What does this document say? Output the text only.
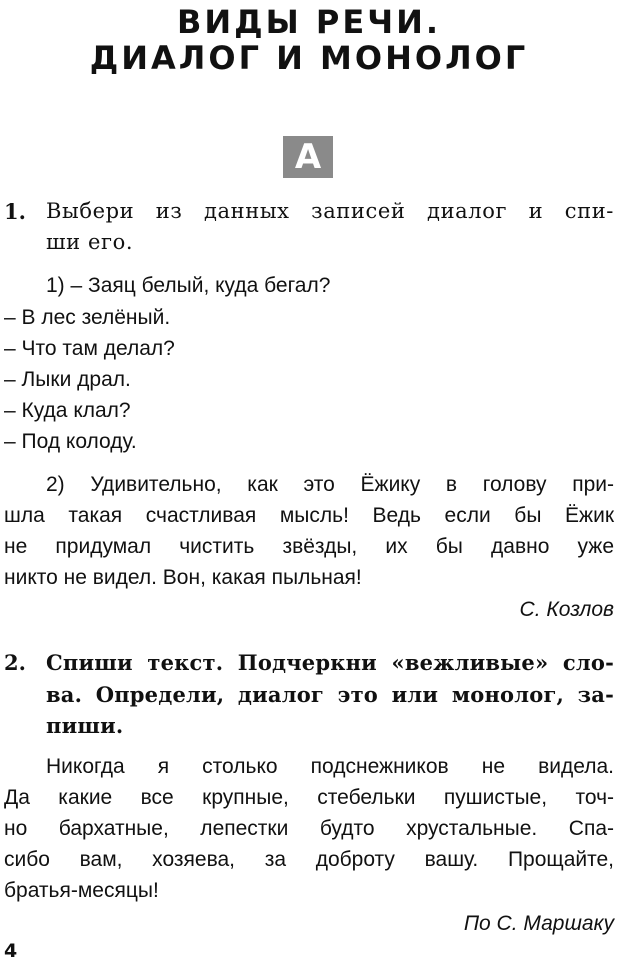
ВИДЫ РЕЧИ.
ДИАЛОГ И МОНОЛОГ
А
1. Выбери из данных записей диалог и спи-
ши его.
1) – Заяц белый, куда бегал?
– В лес зелёный.
– Что там делал?
– Лыки драл.
– Куда клал?
– Под колоду.
2) Удивительно, как это Ёжику в голову при-
шла такая счастливая мысль! Ведь если бы Ёжик
не придумал чистить звёзды, их бы давно уже
никто не видел. Вон, какая пыльная!
С. Козлов
2. Спиши текст. Подчеркни «вежливые» сло-
ва. Определи, диалог это или монолог, за-
пиши.
Никогда я столько подснежников не видела.
Да какие все крупные, стебельки пушистые, точ-
но бархатные, лепестки будто хрустальные. Спа-
сибо вам, хозяева, за доброту вашу. Прощайте,
братья-месяцы!
По С. Маршаку
4
